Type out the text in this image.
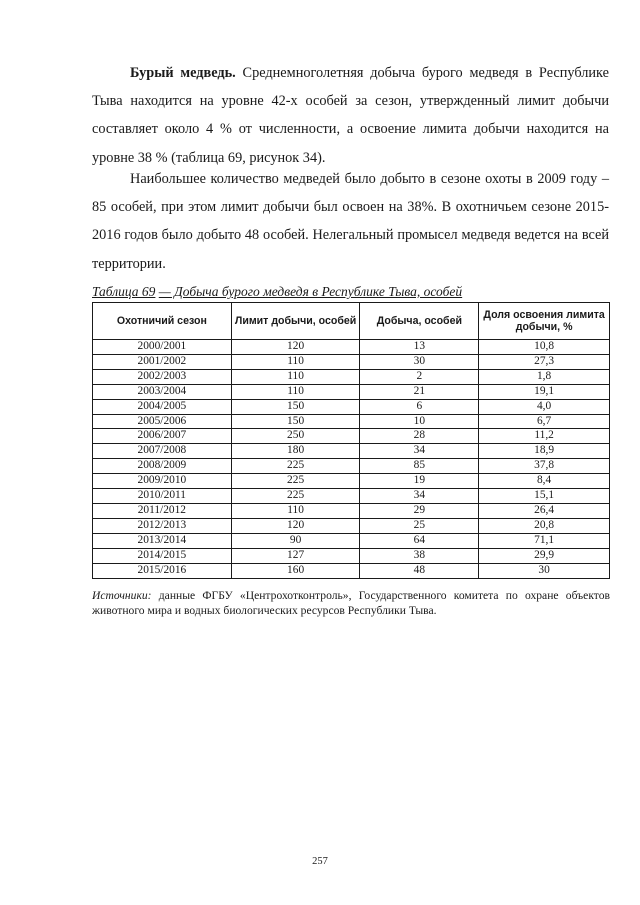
Бурый медведь. Среднемноголетняя добыча бурого медведя в Республике Тыва находится на уровне 42-х особей за сезон, утвержденный лимит добычи составляет около 4 % от численности, а освоение лимита добычи находится на уровне 38 % (таблица 69, рисунок 34).

Наибольшее количество медведей было добыто в сезоне охоты в 2009 году – 85 особей, при этом лимит добычи был освоен на 38%. В охотничьем сезоне 2015-2016 годов было добыто 48 особей. Нелегальный промысел медведя ведется на всей территории.

Таблица 69 — Добыча бурого медведя в Республике Тыва, особей

Охотничий сезон	Лимит добычи, особей	Добыча, особей	Доля освоения лимита добычи, %
2000/2001	120	13	10,8
2001/2002	110	30	27,3
2002/2003	110	2	1,8
2003/2004	110	21	19,1
2004/2005	150	6	4,0
2005/2006	150	10	6,7
2006/2007	250	28	11,2
2007/2008	180	34	18,9
2008/2009	225	85	37,8
2009/2010	225	19	8,4
2010/2011	225	34	15,1
2011/2012	110	29	26,4
2012/2013	120	25	20,8
2013/2014	90	64	71,1
2014/2015	127	38	29,9
2015/2016	160	48	30

Источники: данные ФГБУ «Центрохотконтроль», Государственного комитета по охране объектов животного мира и водных биологических ресурсов Республики Тыва.

257
